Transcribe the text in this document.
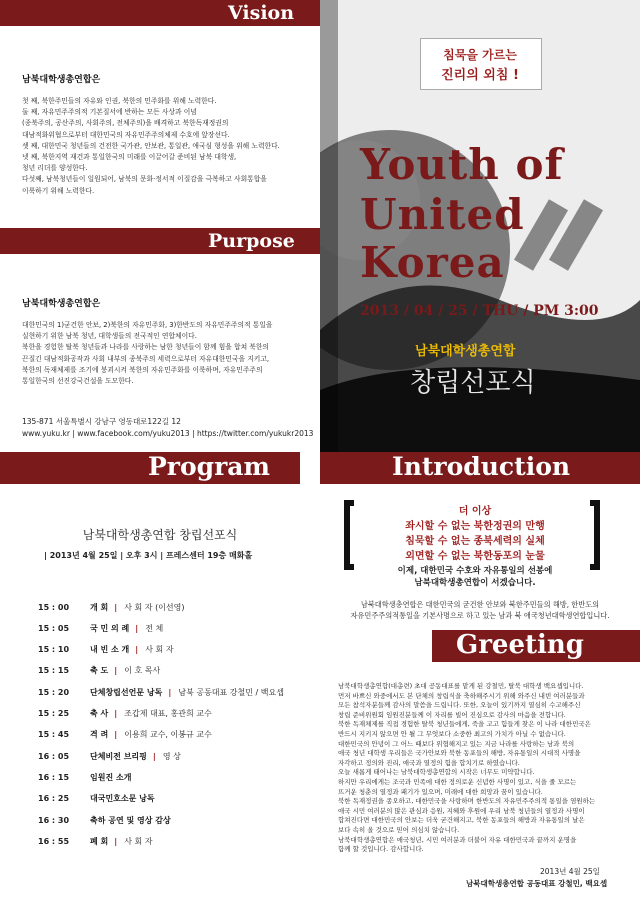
Vision
남북대학생총연합은
첫 째, 북한주민들의 자유와 인권, 북한의 민주화를 위해 노력한다.
둘 째, 자유민주주의적 기본질서에 반하는 모든 사상과 이념
(종북주의, 공산주의, 사회주의, 전체주의)을 배격하고 북한독재정권의
대남적화위협으로부터 대한민국의 자유민주주의체제 수호에 앞장선다.
셋 째, 대한민국 청년들의 건전한 국가관, 안보관, 통일관, 애국심 형성을 위해 노력한다.
넷 째, 북한지역 재건과 통일한국의 미래를 이끌어갈 준비된 남북 대학생,
청년 리더를 양성한다.
다섯째, 남북청년들이 일원되어, 남북의 문화·정서적 이질감을 극복하고 사회통합을
이룩하기 위해 노력한다.
Purpose
남북대학생총연합은
대한민국의 1)굳건한 안보, 2)북한의 자유민주화, 3)한반도의 자유민주주의적 통일을
실현하기 위한 남북 청년, 대학생들의 전국적인 연합체이다.
북한을 경험한 탈북 청년들과 나라를 사랑하는 남한 청년들이 함께 힘을 합쳐 북한의
끈질긴 대남적화공작과 사회 내부의 종북주의 세력으로부터 자유대한민국을 지키고,
북한의 독재체제를 조기에 붕괴시켜 북한의 자유민주화를 이룩하며, 자유민주주의
통일한국의 선진강국건설을 도모한다.
135-871 서울특별시 강남구 영동대로122길 12
www.yuku.kr | www.facebook.com/yuku2013 | https://twitter.com/yukukr2013
침묵을 가르는
진리의 외침 !
Youth of
United
Korea
2013 / 04 / 25 / THU / PM 3:00
남북대학생총연합
창립선포식
Program
남북대학생총연합 창립선포식
| 2013년 4월 25일 | 오후 3시 | 프레스센터 19층 매화홀
15 : 00	개 회 | 사 회 자 (이선영)
15 : 05	국 민 의 례 | 전 체
15 : 10	내 빈 소 개 | 사 회 자
15 : 15	축 도 | 이 호 목사
15 : 20	단체창립선언문 낭독 | 남북 공동대표 강철민 / 백요셉
15 : 25	축 사 | 조갑제 대표, 홍관희 교수
15 : 45	격 려 | 이용희 교수, 이봉규 교수
16 : 05	단체비전 브리핑 | 영 상
16 : 15	임원진 소개
16 : 25	대국민호소문 낭독
16 : 30	축하 공연 및 영상 감상
16 : 55	폐 회 | 사 회 자
Introduction
더 이상
좌시할 수 없는 북한정권의 만행
침묵할 수 없는 종북세력의 실체
외면할 수 없는 북한동포의 눈물
이제, 대한민국 수호와 자유통일의 선봉에
남북대학생총연합이 서겠습니다.
남북대학생총연합은 대한민국의 굳건한 안보와 북한주민들의 해방, 한반도의
자유민주주의적통일을 기본사명으로 하고 있는 남과 북 애국청년대학생연합입니다.
Greeting
남북대학생총연합(대총련) 초대 공동대표를 맡게 된 강철민, 탈북 대학생 백요셉입니다.
먼저 바쁘신 와중에서도 본 단체의 창립식을 축하해주시기 위해 와주신 내빈 여러분들과
모든 참석자분들께 감사의 말씀을 드립니다. 또한, 오늘이 있기까지 열심히 수고해주신
창립 준비위원회 임원진분들께 이 자리를 빌어 진심으로 감사의 마음을 전합니다.
북한 독재체제를 직접 경험한 탈북 청년들에게, 죽을 고고 힘들게 찾은 이 나라 대한민국은
반드시 지키지 않으면 안 될 그 무엇보다 소중한 최고의 가치가 아닐 수 없습니다.
대한민국의 안녕이 그 어느 때보다 위협해지고 있는 지금 나라를 사랑하는 남과 북의
애국 청년 대학생 우리들은 국가안보와 북한 동포들의 해방, 자유통일의 시대적 사명을
자각하고 정의와 진리, 애국과 열정의 힘을 합치기로 하였습니다.
오늘 새롭게 태어나는 남북대학생총연합의 시작은 너무도 미약합니다.
하지만 우리에게는 조국과 민족에 대한 정의로운 신념한 사명이 있고, 식을 줄 모르는
뜨거운 청춘의 열정과 패기가 있으며, 미래에 대한 희망과 꿈이 있습니다.
북한 독재정권을 종오하고, 대한민국을 사랑하며 한반도의 자유민주주의적 통일을 염원하는
애국 시민 여러분의 많은 관심과 응원, 지혜와 후원에 우리 남북 청년들의 열정과 사명이
합쳐진다면 대한민국의 안보는 더욱 굳건해지고, 북한 동포들의 해방과 자유통일의 날은
보다 속히 올 것으로 믿어 의심치 않습니다.
남북대학생총연합은 애국청년, 시민 여러분과 더불어 자유 대한민국과 끝까지 운명을
함께 할 것입니다. 감사합니다.
2013년 4월 25일
남북대학생총연합 공동대표 강철민, 백요셉
